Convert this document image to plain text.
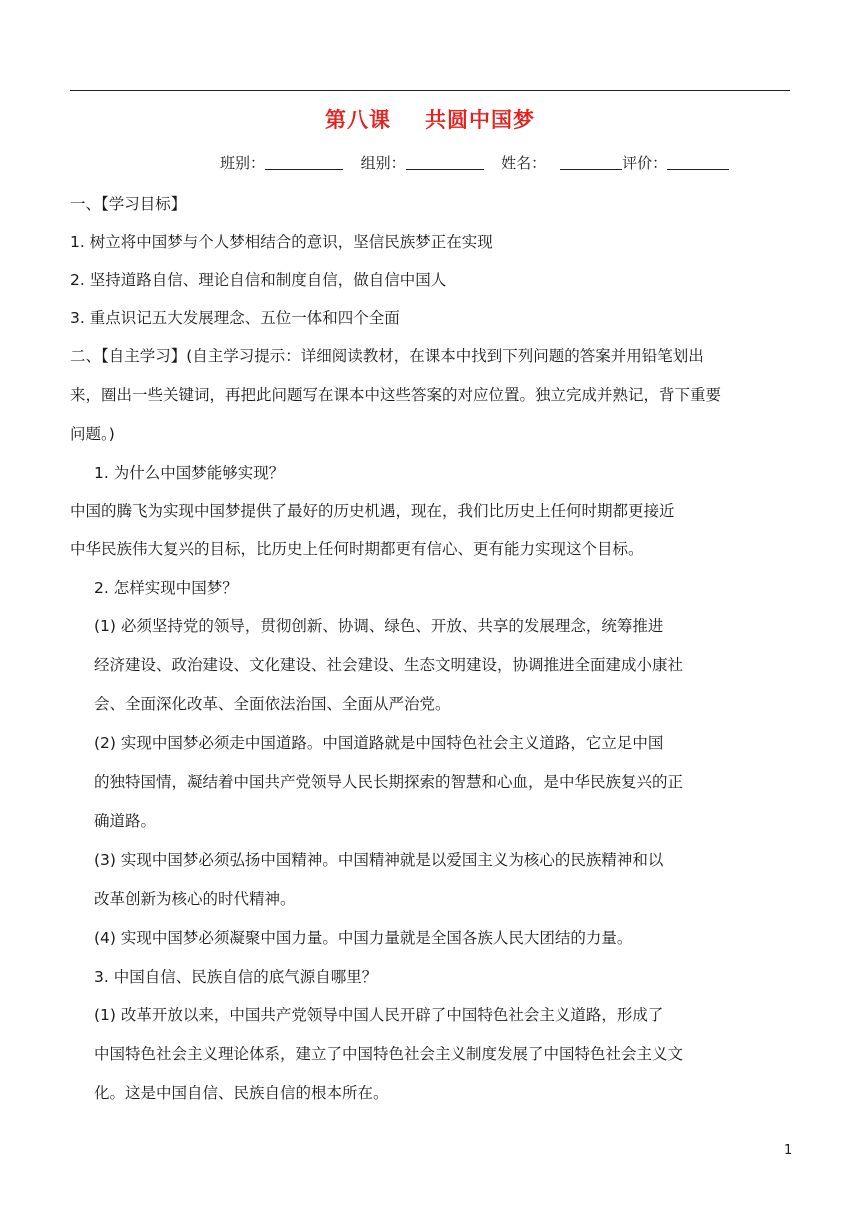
第八课 共圆中国梦
班别：	组别：	姓名：	评价：
一、【学习目标】
1. 树立将中国梦与个人梦相结合的意识，坚信民族梦正在实现
2. 坚持道路自信、理论自信和制度自信，做自信中国人
3. 重点识记五大发展理念、五位一体和四个全面
二、【自主学习】(自主学习提示：详细阅读教材，在课本中找到下列问题的答案并用铅笔划出
来，圈出一些关键词，再把此问题写在课本中这些答案的对应位置。独立完成并熟记，背下重要
问题。)
1. 为什么中国梦能够实现？
中国的腾飞为实现中国梦提供了最好的历史机遇，现在，我们比历史上任何时期都更接近
中华民族伟大复兴的目标，比历史上任何时期都更有信心、更有能力实现这个目标。
2. 怎样实现中国梦？
(1) 必须坚持党的领导，贯彻创新、协调、绿色、开放、共享的发展理念，统筹推进
经济建设、政治建设、文化建设、社会建设、生态文明建设，协调推进全面建成小康社
会、全面深化改革、全面依法治国、全面从严治党。
(2) 实现中国梦必须走中国道路。中国道路就是中国特色社会主义道路，它立足中国
的独特国情，凝结着中国共产党领导人民长期探索的智慧和心血，是中华民族复兴的正
确道路。
(3) 实现中国梦必须弘扬中国精神。中国精神就是以爱国主义为核心的民族精神和以
改革创新为核心的时代精神。
(4) 实现中国梦必须凝聚中国力量。中国力量就是全国各族人民大团结的力量。
3. 中国自信、民族自信的底气源自哪里？
(1) 改革开放以来，中国共产党领导中国人民开辟了中国特色社会主义道路，形成了
中国特色社会主义理论体系，建立了中国特色社会主义制度发展了中国特色社会主义文
化。这是中国自信、民族自信的根本所在。
1
